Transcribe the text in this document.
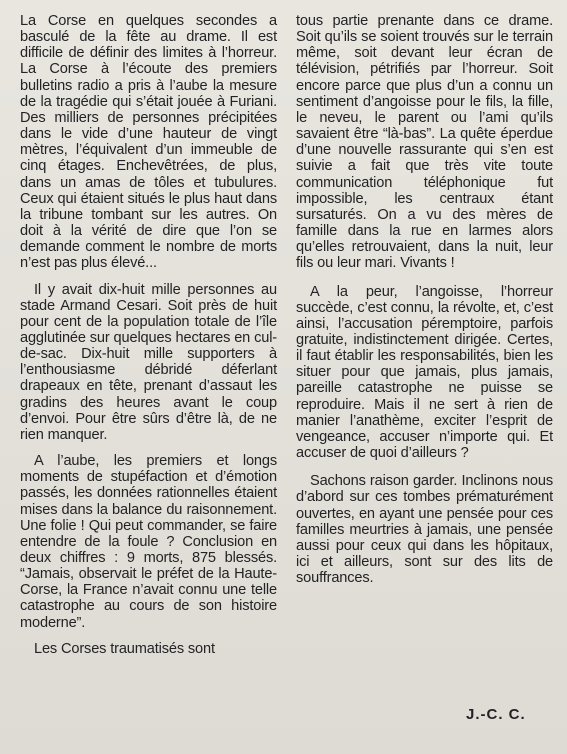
La Corse en quelques secondes a basculé de la fête au drame. Il est difficile de définir des limites à l’horreur. La Corse à l’écoute des premiers bulletins radio a pris à l’aube la mesure de la tragédie qui s’était jouée à Furiani. Des milliers de personnes précipitées dans le vide d’une hauteur de vingt mètres, l’équivalent d’un immeuble de cinq étages. Enchevêtrées, de plus, dans un amas de tôles et tubulures. Ceux qui étaient situés le plus haut dans la tribune tombant sur les autres. On doit à la vérité de dire que l’on se demande comment le nombre de morts n’est pas plus élevé...

Il y avait dix-huit mille personnes au stade Armand Cesari. Soit près de huit pour cent de la population totale de l’île agglutinée sur quelques hectares en cul-de-sac. Dix-huit mille supporters à l’enthousiasme débridé déferlant drapeaux en tête, prenant d’assaut les gradins des heures avant le coup d’envoi. Pour être sûrs d’être là, de ne rien manquer.

A l’aube, les premiers et longs moments de stupéfaction et d’émotion passés, les données rationnelles étaient mises dans la balance du raisonnement. Une folie ! Qui peut commander, se faire entendre de la foule ? Conclusion en deux chiffres : 9 morts, 875 blessés. “Jamais, observait le préfet de la Haute-Corse, la France n’avait connu une telle catastrophe au cours de son histoire moderne”.

Les Corses traumatisés sont

tous partie prenante dans ce drame. Soit qu’ils se soient trouvés sur le terrain même, soit devant leur écran de télévision, pétrifiés par l’horreur. Soit encore parce que plus d’un a connu un sentiment d’angoisse pour le fils, la fille, le neveu, le parent ou l’ami qu’ils savaient être “là-bas”. La quête éperdue d’une nouvelle rassurante qui s’en est suivie a fait que très vite toute communication téléphonique fut impossible, les centraux étant sursaturés. On a vu des mères de famille dans la rue en larmes alors qu’elles retrouvaient, dans la nuit, leur fils ou leur mari. Vivants !

A la peur, l’angoisse, l’horreur succède, c’est connu, la révolte, et, c’est ainsi, l’accusation péremptoire, parfois gratuite, indistinctement dirigée. Certes, il faut établir les responsabilités, bien les situer pour que jamais, plus jamais, pareille catastrophe ne puisse se reproduire. Mais il ne sert à rien de manier l’anathème, exciter l’esprit de vengeance, accuser n’importe qui. Et accuser de quoi d’ailleurs ?

Sachons raison garder. Inclinons nous d’abord sur ces tombes prématurément ouvertes, en ayant une pensée pour ces familles meurtries à jamais, une pensée aussi pour ceux qui dans les hôpitaux, ici et ailleurs, sont sur des lits de souffrances.

J.-C. C.
